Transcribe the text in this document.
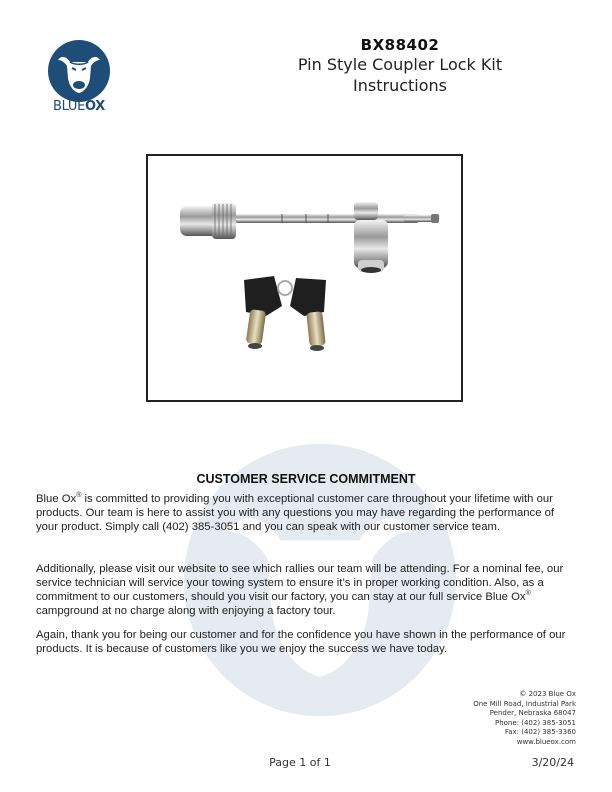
BLUEOX
BX88402
Pin Style Coupler Lock Kit
Instructions
CUSTOMER SERVICE COMMITMENT

Blue Ox® is committed to providing you with exceptional customer care throughout your lifetime with our products. Our team is here to assist you with any questions you may have regarding the performance of your product. Simply call (402) 385-3051 and you can speak with our customer service team.

Additionally, please visit our website to see which rallies our team will be attending. For a nominal fee, our service technician will service your towing system to ensure it’s in proper working condition. Also, as a commitment to our customers, should you visit our factory, you can stay at our full service Blue Ox® campground at no charge along with enjoying a factory tour.

Again, thank you for being our customer and for the confidence you have shown in the performance of our products. It is because of customers like you we enjoy the success we have today.

© 2023 Blue Ox
One Mill Road, Industrial Park
Pender, Nebraska 68047
Phone: (402) 385-3051
Fax: (402) 385-3360
www.blueox.com
Page 1 of 1	3/20/24
